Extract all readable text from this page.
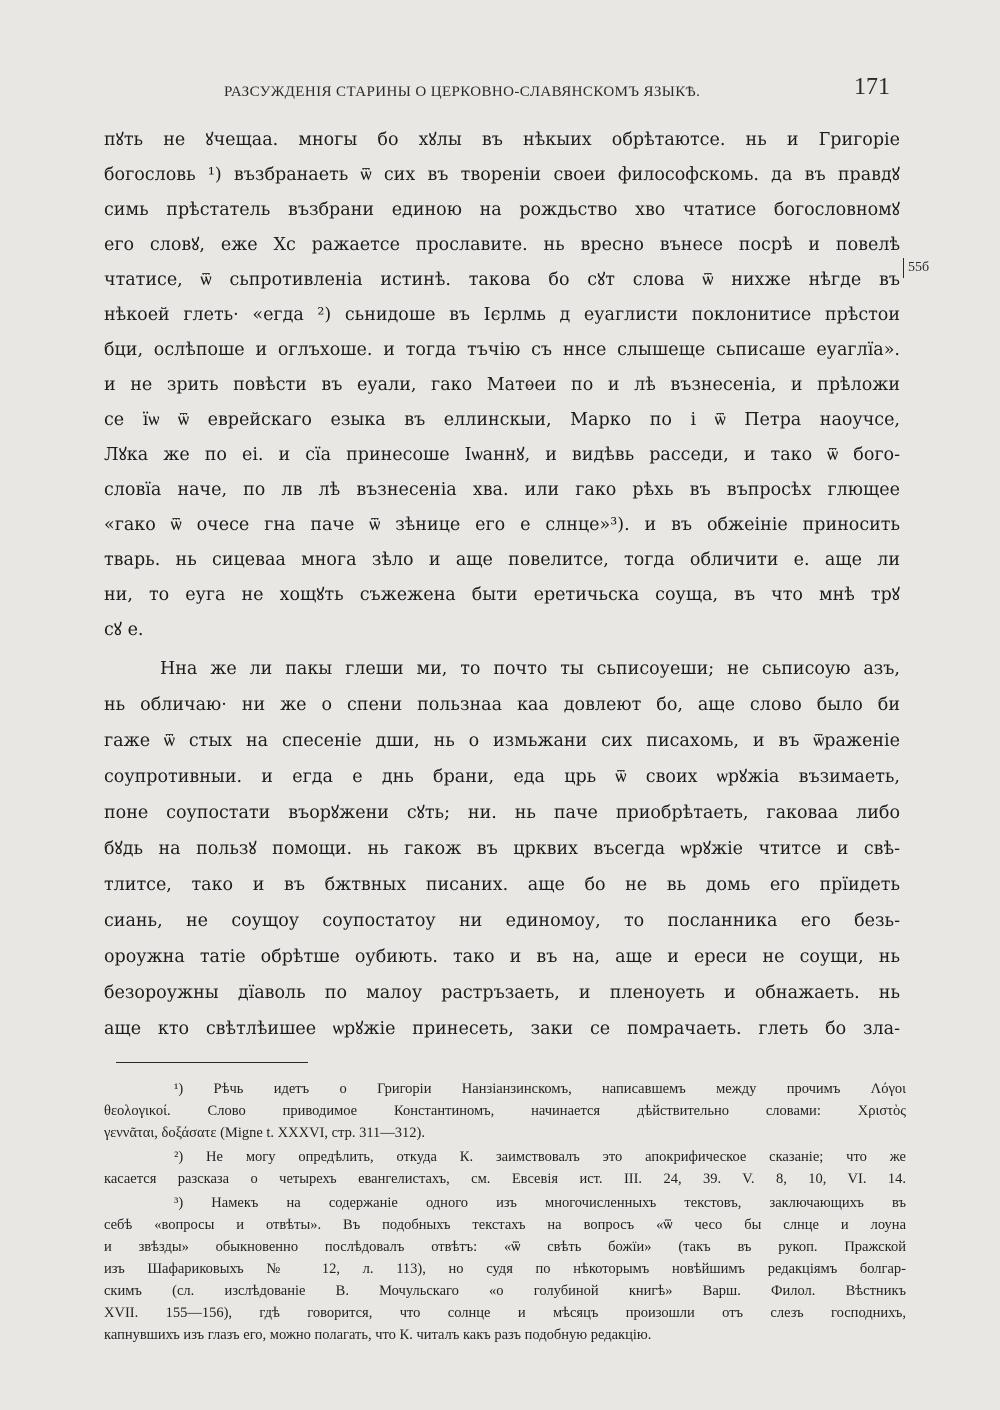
РАЗСУЖДЕНІЯ СТАРИНЫ О ЦЕРКОВНО-СЛАВЯНСКОМЪ ЯЗЫКѢ.	171
55б
пꙋть не ꙋчещаа. многы бо хꙋлы въ нѣкыих обрѣтаютсе. нь и Григоріе
богословь ¹) възбранаеть ѿ сих въ твореніи своеи философскомь. да въ правдꙋ
симь прѣстатель възбрани единою на рождьство хво чтатисе богословномꙋ
его словꙋ, еже Хс ражаетсе прославите. нь вресно вънесе посрѣ и повелѣ
чтатисе, ѿ сьпротивленіа истинѣ. такова бо сꙋт слова ѿ нихже нѣгде въ
нѣкоей глеть· «егда ²) сьнидоше въ Ієрлмь д еуаглисти поклонитисе прѣстои
бци, ослѣпоше и оглъхоше. и тогда тъчію съ ннсе слышеще сьписаше еуаглїа».
и не зрить повѣсти въ еуали, гако Матѳеи по и лѣ възнесеніа, и прѣложи
се їѡ ѿ еврейскаго езыка въ еллинскыи, Марко по і ѿ Петра наоучсе,
Лꙋка же по еі. и сїа принесоше Іѡаннꙋ, и видѣвь расседи, и тако ѿ бого-
словїа наче, по лв лѣ възнесеніа хва. или гако рѣхь въ въпросѣх глющее
«гако ѿ очесе гна паче ѿ зѣнице его е слнце»³). и въ обжеініе приносить
тварь. нь сицеваа многа зѣло и аще повелитсе, тогда обличити е. аще ли
ни, то еуга не хощꙋть съжежена быти еретичьска соуща, въ что мнѣ трꙋ
сꙋ е.
Нна же ли пакы глеши ми, то почто ты сьписоуеши; не сьписоую азъ,
нь обличаю· ни же о спени пользнаа каа довлеют бо, аще слово было би
гаже ѿ стых на спесеніе дши, нь о измьжани сих писахомь, и въ ѿраженіе
соупротивныи. и егда е днь брани, еда црь ѿ своих ѡрꙋжіа възимаеть,
поне соупостати въорꙋжени сꙋть; ни. нь паче приобрѣтаеть, гаковаа либо
бꙋдь на пользꙋ помощи. нь гакож въ црквих въсегда ѡрꙋжіе чтитсе и свѣ-
тлитсе, тако и въ бжтвных писаних. аще бо не вь домь его прїидеть
сиань, не соущоу соупостатоу ни единомоу, то посланника его безь-
ороужна татіе обрѣтше оубиють. тако и въ на, аще и ереси не соущи, нь
безороужны дїаволь по малоу растръзаеть, и пленоуеть и обнажаеть. нь
аще кто свѣтлѣишее ѡрꙋжіе принесеть, заки се помрачаеть. глеть бо зла-
¹) Рѣчь идетъ о Григоріи Нанзіанзинскомъ, написавшемъ между прочимъ Λόγοι
θεολογικοί. Слово приводимое Константиномъ, начинается дѣйствительно словами: Χριστὸς
γεννᾶται, δοξάσατε (Migne t. XXXVI, стр. 311—312).
²) Не могу опредѣлить, откуда К. заимствовалъ это апокрифическое сказаніе; что же
касается разсказа о четырехъ евангелистахъ, см. Евсевія ист. III. 24, 39. V. 8, 10, VI. 14.
³) Намекъ на содержаніе одного изъ многочисленныхъ текстовъ, заключающихъ въ
себѣ «вопросы и отвѣты». Въ подобныхъ текстахъ на вопросъ «ѿ чесо бы слнце и лоуна
и звѣзды» обыкновенно послѣдовалъ отвѣтъ: «ѿ свѣть божїи» (такъ въ рукоп. Пражской
изъ Шафариковыхъ № 12, л. 113), но судя по нѣкоторымъ новѣйшимъ редакціямъ болгар-
скимъ (сл. изслѣдованіе В. Мочульскаго «о голубиной книгѣ» Варш. Филол. Вѣстникъ
XVII. 155—156), гдѣ говорится, что солнце и мѣсяцъ произошли отъ слезъ господнихъ,
капнувшихъ изъ глазъ его, можно полагать, что К. читалъ какъ разъ подобную редакцію.
